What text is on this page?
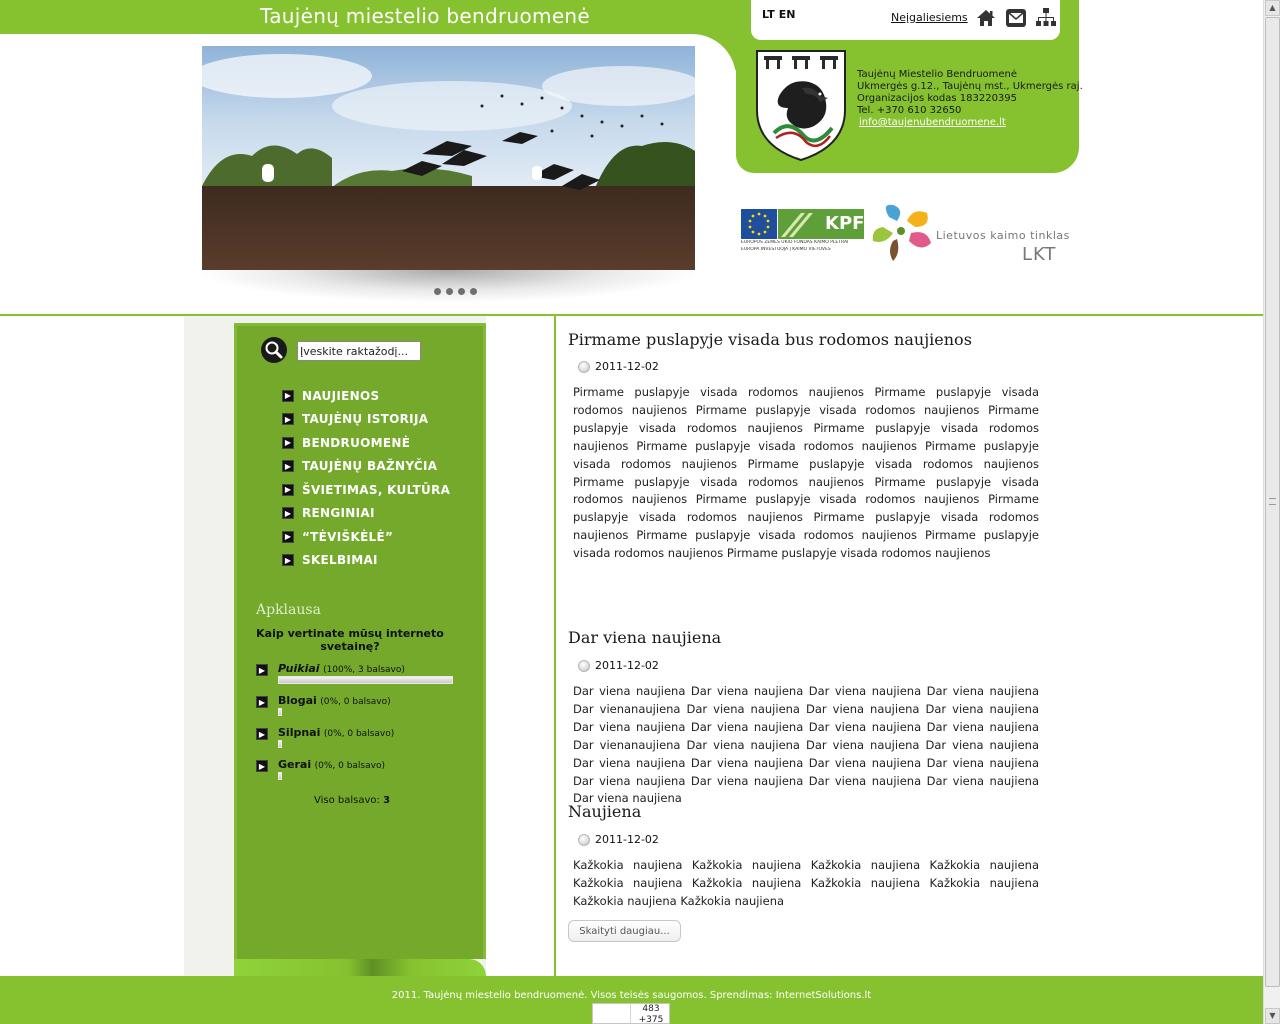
Taujėnų miestelio bendruomenė	LT EN	Neįgaliesiems
Taujėnų Miestelio Bendruomenė
Ukmergės g.12., Taujėnų mst., Ukmergės raj.
Organizacijos kodas 183220395
Tel. +370 610 32650
info@taujenubendruomene.lt
KPF
EUROPOS ŽEMĖS ŪKIO FONDAS KAIMO PLĖTRAI
EUROPA INVESTUOJA Į KAIMO VIETOVES
Lietuvos kaimo tinklas
LKT
Įveskite raktažodį...
▶ NAUJIENOS
▶ TAUJĖNŲ ISTORIJA
▶ BENDRUOMENĖ
▶ TAUJĖNŲ BAŽNYČIA
▶ ŠVIETIMAS, KULTŪRA
▶ RENGINIAI
▶ “TĖVIŠKĖLĖ”
▶ SKELBIMAI
Apklausa
Kaip vertinate mūsų interneto svetainę?
▶ Puikiai (100%, 3 balsavo)
▶ Blogai (0%, 0 balsavo)
▶ Silpnai (0%, 0 balsavo)
▶ Gerai (0%, 0 balsavo)
Viso balsavo: 3
Pirmame puslapyje visada bus rodomos naujienos
2011-12-02
Pirmame puslapyje visada rodomos naujienos Pirmame puslapyje visada rodomos naujienos Pirmame puslapyje visada rodomos naujienos Pirmame puslapyje visada rodomos naujienos Pirmame puslapyje visada rodomos naujienos Pirmame puslapyje visada rodomos naujienos Pirmame puslapyje visada rodomos naujienos Pirmame puslapyje visada rodomos naujienos Pirmame puslapyje visada rodomos naujienos Pirmame puslapyje visada rodomos naujienos Pirmame puslapyje visada rodomos naujienos Pirmame puslapyje visada rodomos naujienos Pirmame puslapyje visada rodomos naujienos Pirmame puslapyje visada rodomos naujienos Pirmame puslapyje visada rodomos naujienos Pirmame puslapyje visada rodomos naujienos
Dar viena naujiena
2011-12-02
Dar viena naujiena Dar viena naujiena Dar viena naujiena Dar viena naujiena Dar vienanaujiena Dar viena naujiena Dar viena naujiena Dar viena naujiena Dar viena naujiena Dar viena naujiena Dar viena naujiena Dar viena naujiena Dar vienanaujiena Dar viena naujiena Dar viena naujiena Dar viena naujiena Dar viena naujiena Dar viena naujiena Dar viena naujiena Dar viena naujiena Dar viena naujiena Dar viena naujiena Dar viena naujiena Dar viena naujiena Dar viena naujiena
Naujiena
2011-12-02
Kažkokia naujiena Kažkokia naujiena Kažkokia naujiena Kažkokia naujiena Kažkokia naujiena Kažkokia naujiena Kažkokia naujiena Kažkokia naujiena Kažkokia naujiena Kažkokia naujiena
Skaityti daugiau...
2011. Taujėnų miestelio bendruomenė. Visos teisės saugomos. Sprendimas: InternetSolutions.lt
483
+375
▲
▼
